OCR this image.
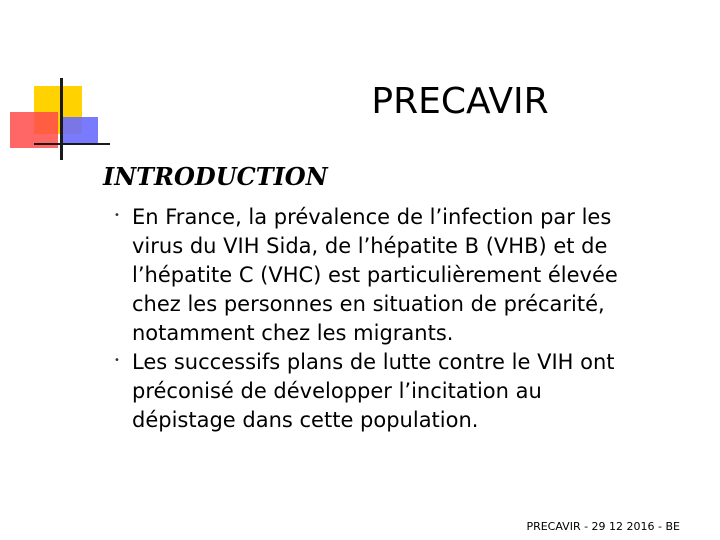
PRECAVIR
INTRODUCTION
• En France, la prévalence de l’infection par les
virus du VIH Sida, de l’hépatite B (VHB) et de
l’hépatite C (VHC) est particulièrement élevée
chez les personnes en situation de précarité,
notamment chez les migrants.
• Les successifs plans de lutte contre le VIH ont
préconisé de développer l’incitation au
dépistage dans cette population.
PRECAVIR - 29 12 2016 - BE
